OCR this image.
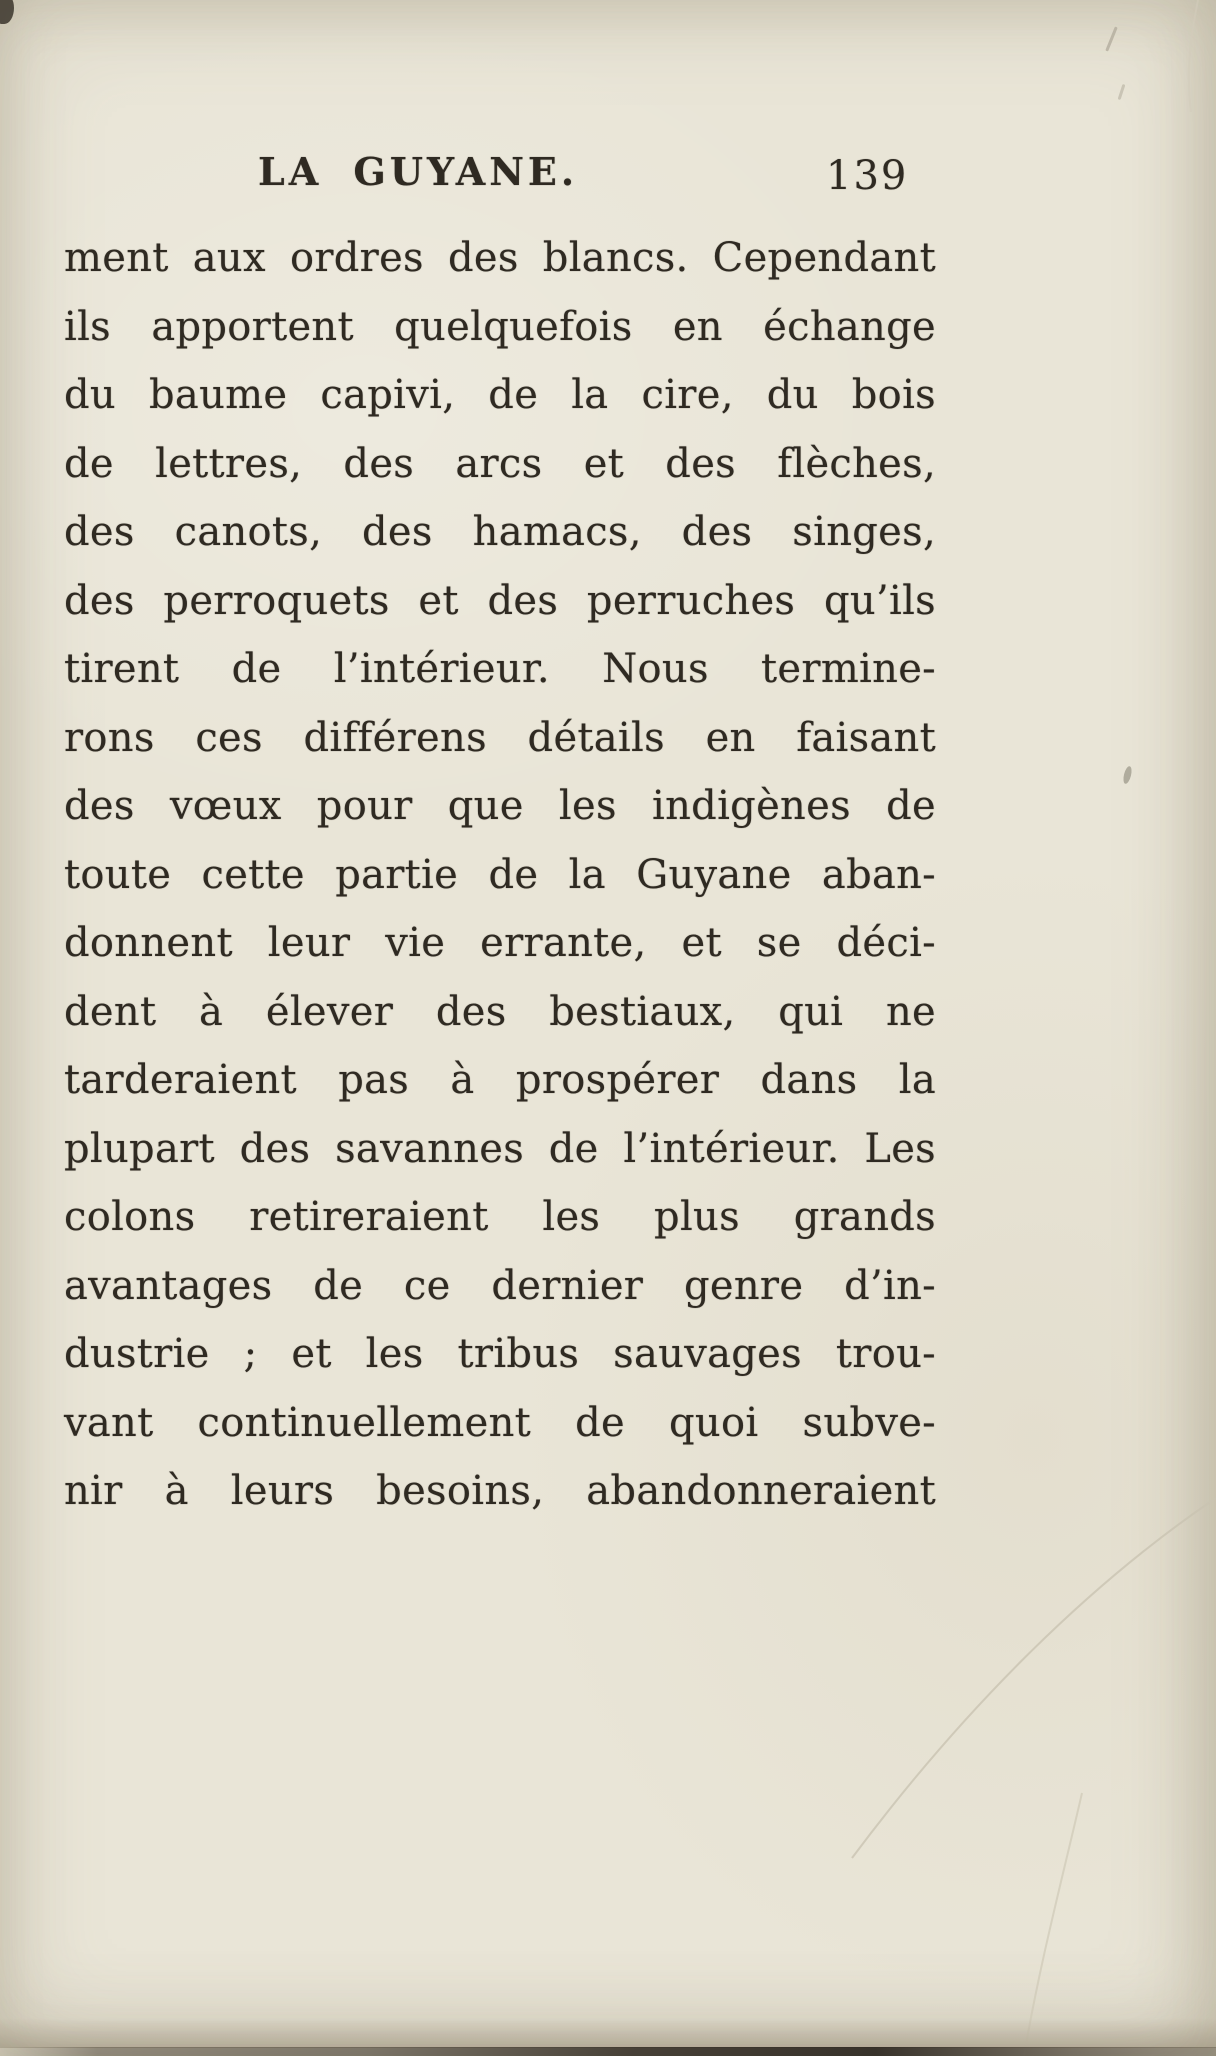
LA GUYANE.	139
ment aux ordres des blancs. Cependant
ils apportent quelquefois en échange
du baume capivi, de la cire, du bois
de lettres, des arcs et des flèches,
des canots, des hamacs, des singes,
des perroquets et des perruches qu’ils
tirent de l’intérieur. Nous termine-
rons ces différens détails en faisant
des vœux pour que les indigènes de
toute cette partie de la Guyane aban-
donnent leur vie errante, et se déci-
dent à élever des bestiaux, qui ne
tarderaient pas à prospérer dans la
plupart des savannes de l’intérieur. Les
colons retireraient les plus grands
avantages de ce dernier genre d’in-
dustrie ; et les tribus sauvages trou-
vant continuellement de quoi subve-
nir à leurs besoins, abandonneraient
